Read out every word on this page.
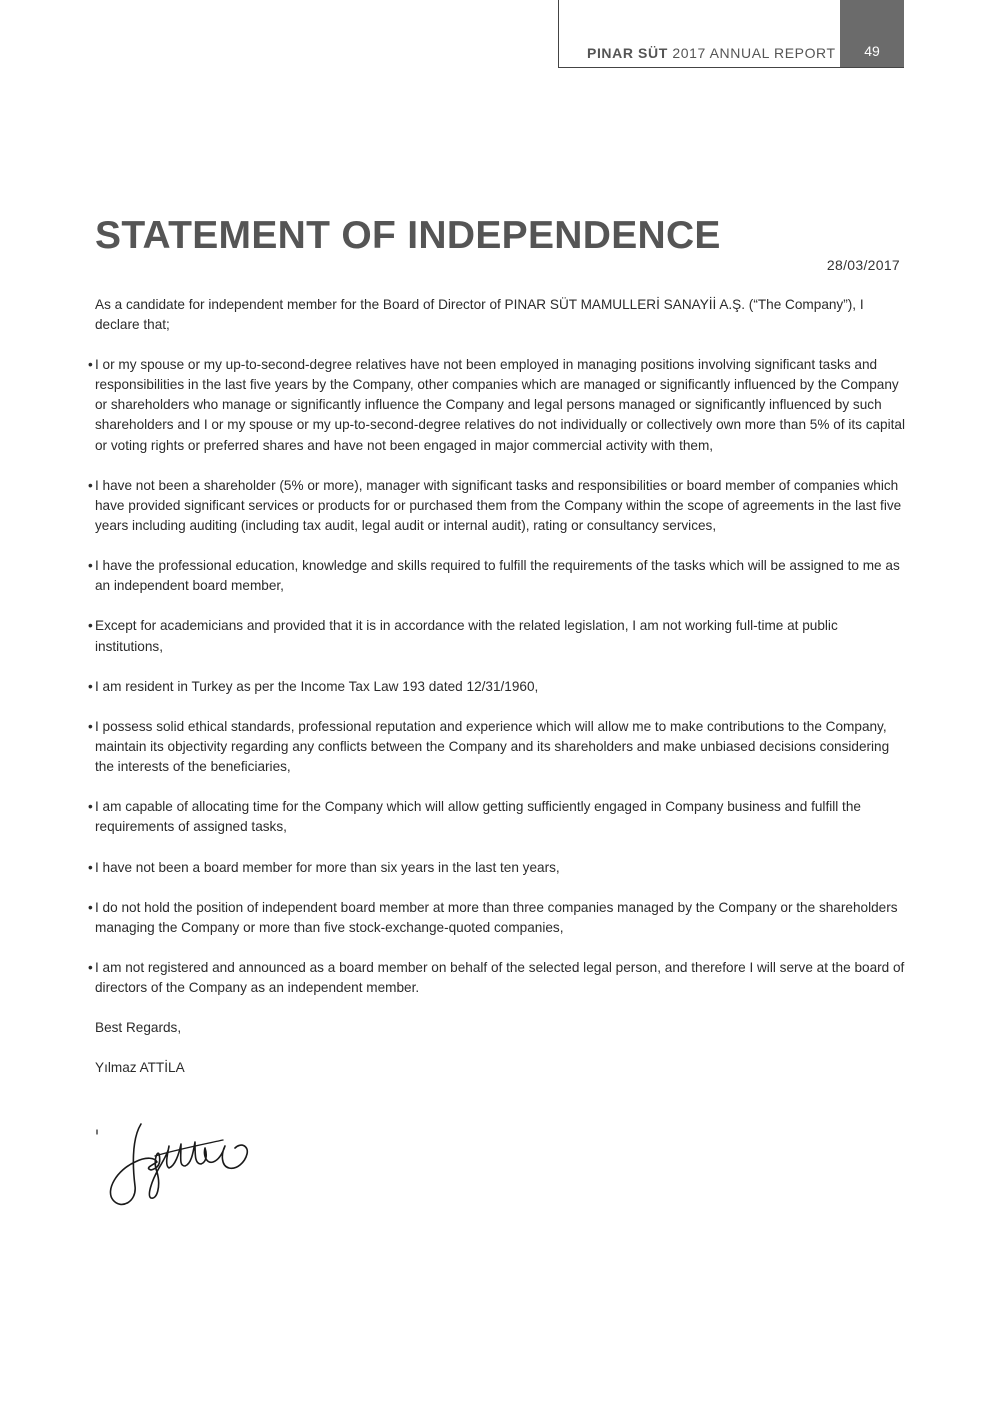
PINAR SÜT 2017 ANNUAL REPORT	49
STATEMENT OF INDEPENDENCE
28/03/2017

As a candidate for independent member for the Board of Director of PINAR SÜT MAMULLERİ SANAYİİ A.Ş. (“The Company”), I declare that;

• I or my spouse or my up-to-second-degree relatives have not been employed in managing positions involving significant tasks and responsibilities in the last five years by the Company, other companies which are managed or significantly influenced by the Company or shareholders who manage or significantly influence the Company and legal persons managed or significantly influenced by such shareholders and I or my spouse or my up-to-second-degree relatives do not individually or collectively own more than 5% of its capital or voting rights or preferred shares and have not been engaged in major commercial activity with them,
• I have not been a shareholder (5% or more), manager with significant tasks and responsibilities or board member of companies which have provided significant services or products for or purchased them from the Company within the scope of agreements in the last five years including auditing (including tax audit, legal audit or internal audit), rating or consultancy services,
• I have the professional education, knowledge and skills required to fulfill the requirements of the tasks which will be assigned to me as an independent board member,
• Except for academicians and provided that it is in accordance with the related legislation, I am not working full-time at public institutions,
• I am resident in Turkey as per the Income Tax Law 193 dated 12/31/1960,
• I possess solid ethical standards, professional reputation and experience which will allow me to make contributions to the Company, maintain its objectivity regarding any conflicts between the Company and its shareholders and make unbiased decisions considering the interests of the beneficiaries,
• I am capable of allocating time for the Company which will allow getting sufficiently engaged in Company business and fulfill the requirements of assigned tasks,
• I have not been a board member for more than six years in the last ten years,
• I do not hold the position of independent board member at more than three companies managed by the Company or the shareholders managing the Company or more than five stock-exchange-quoted companies,
• I am not registered and announced as a board member on behalf of the selected legal person, and therefore I will serve at the board of directors of the Company as an independent member.

Best Regards,

Yılmaz ATTİLA
